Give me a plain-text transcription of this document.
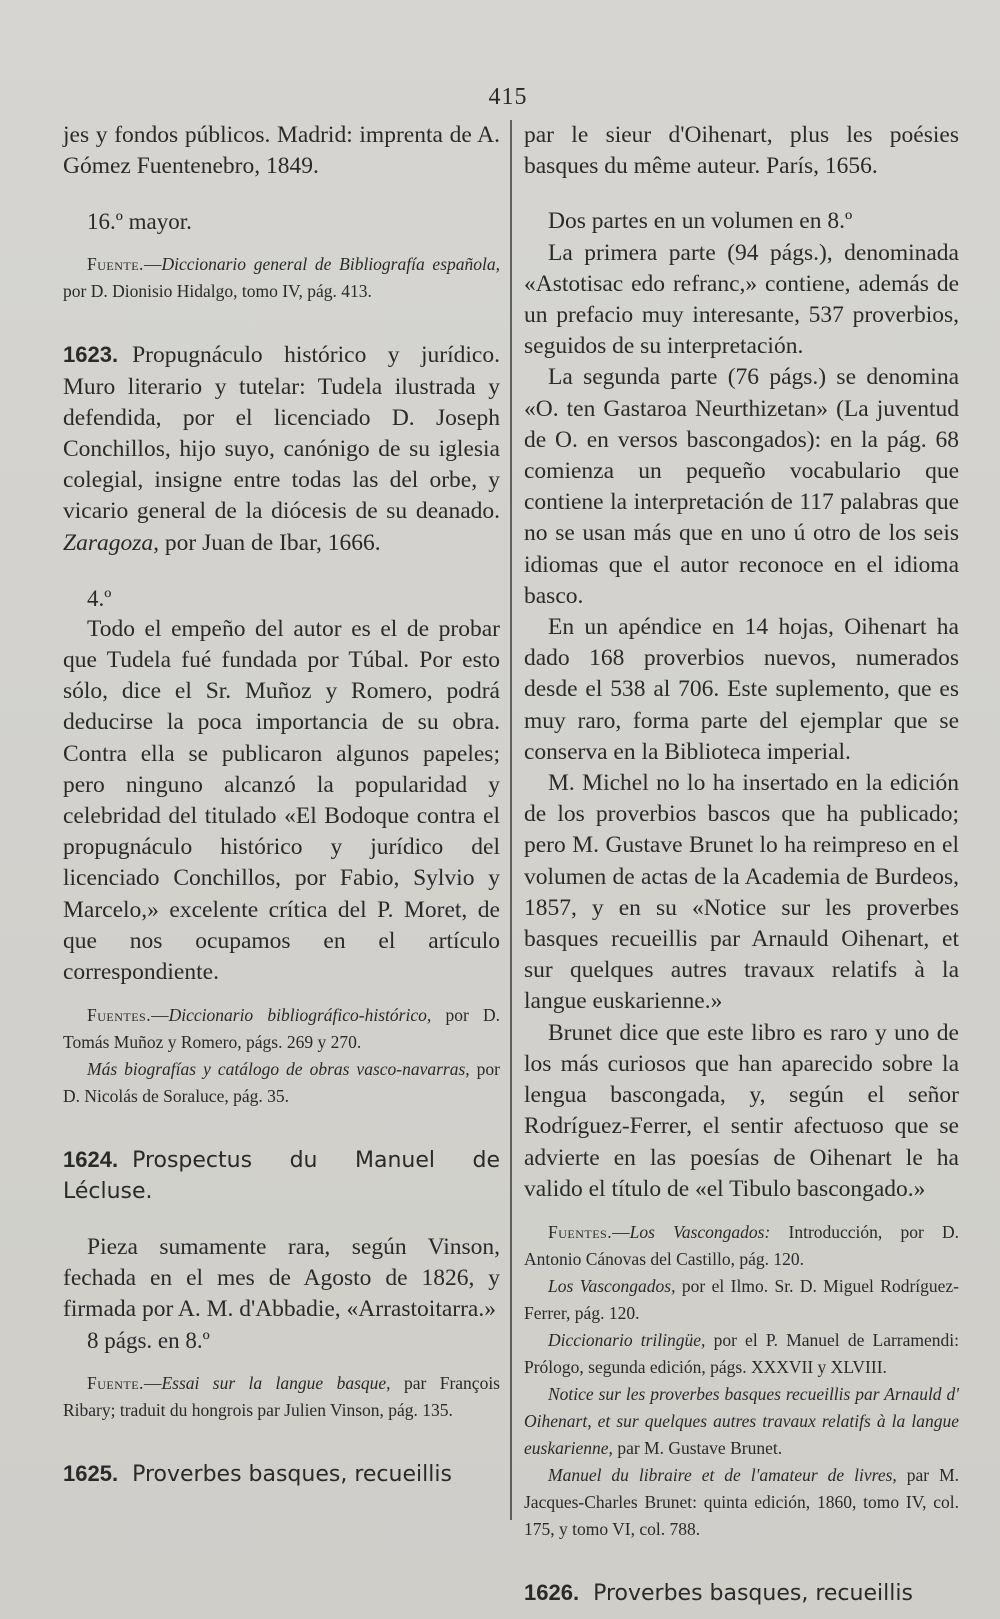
415

jes y fondos públicos. Madrid: imprenta de A. Gómez Fuentenebro, 1849.

16.º mayor.

Fuente.—Diccionario general de Bibliografía española, por D. Dionisio Hidalgo, tomo IV, pág. 413.

1623. Propugnáculo histórico y jurídico. Muro literario y tutelar: Tudela ilustrada y defendida, por el licenciado D. Joseph Conchillos, hijo suyo, canónigo de su iglesia colegial, insigne entre todas las del orbe, y vicario general de la diócesis de su deanado. Zaragoza, por Juan de Ibar, 1666.

4.º

Todo el empeño del autor es el de probar que Tudela fué fundada por Túbal. Por esto sólo, dice el Sr. Muñoz y Romero, podrá deducirse la poca importancia de su obra. Contra ella se publicaron algunos papeles; pero ninguno alcanzó la popularidad y celebridad del titulado «El Bodoque contra el propugnáculo histórico y jurídico del licenciado Conchillos, por Fabio, Sylvio y Marcelo,» excelente crítica del P. Moret, de que nos ocupamos en el artículo correspondiente.

Fuentes.—Diccionario bibliográfico-histórico, por D. Tomás Muñoz y Romero, págs. 269 y 270.

Más biografías y catálogo de obras vasco-navarras, por D. Nicolás de Soraluce, pág. 35.

1624. Prospectus du Manuel de Lécluse.

Pieza sumamente rara, según Vinson, fechada en el mes de Agosto de 1826, y firmada por A. M. d'Abbadie, «Arrastoitarra.»

8 págs. en 8.º

Fuente.—Essai sur la langue basque, par François Ribary; traduit du hongrois par Julien Vinson, pág. 135.

1625. Proverbes basques, recueillis

par le sieur d'Oihenart, plus les poésies basques du même auteur. París, 1656.

Dos partes en un volumen en 8.º

La primera parte (94 págs.), denominada «Astotisac edo refranc,» contiene, además de un prefacio muy interesante, 537 proverbios, seguidos de su interpretación.

La segunda parte (76 págs.) se denomina «O. ten Gastaroa Neurthizetan» (La juventud de O. en versos bascongados): en la pág. 68 comienza un pequeño vocabulario que contiene la interpretación de 117 palabras que no se usan más que en uno ú otro de los seis idiomas que el autor reconoce en el idioma basco.

En un apéndice en 14 hojas, Oihenart ha dado 168 proverbios nuevos, numerados desde el 538 al 706. Este suplemento, que es muy raro, forma parte del ejemplar que se conserva en la Biblioteca imperial.

M. Michel no lo ha insertado en la edición de los proverbios bascos que ha publicado; pero M. Gustave Brunet lo ha reimpreso en el volumen de actas de la Academia de Burdeos, 1857, y en su «Notice sur les proverbes basques recueillis par Arnauld Oihenart, et sur quelques autres travaux relatifs à la langue euskarienne.»

Brunet dice que este libro es raro y uno de los más curiosos que han aparecido sobre la lengua bascongada, y, según el señor Rodríguez-Ferrer, el sentir afectuoso que se advierte en las poesías de Oihenart le ha valido el título de «el Tibulo bascongado.»

Fuentes.—Los Vascongados: Introducción, por D. Antonio Cánovas del Castillo, pág. 120.

Los Vascongados, por el Ilmo. Sr. D. Miguel Rodríguez-Ferrer, pág. 120.

Diccionario trilingüe, por el P. Manuel de Larramendi: Prólogo, segunda edición, págs. XXXVII y XLVIII.

Notice sur les proverbes basques recueillis par Arnauld d' Oihenart, et sur quelques autres travaux relatifs à la langue euskarienne, par M. Gustave Brunet.

Manuel du libraire et de l'amateur de livres, par M. Jacques-Charles Brunet: quinta edición, 1860, tomo IV, col. 175, y tomo VI, col. 788.

1626. Proverbes basques, recueillis
